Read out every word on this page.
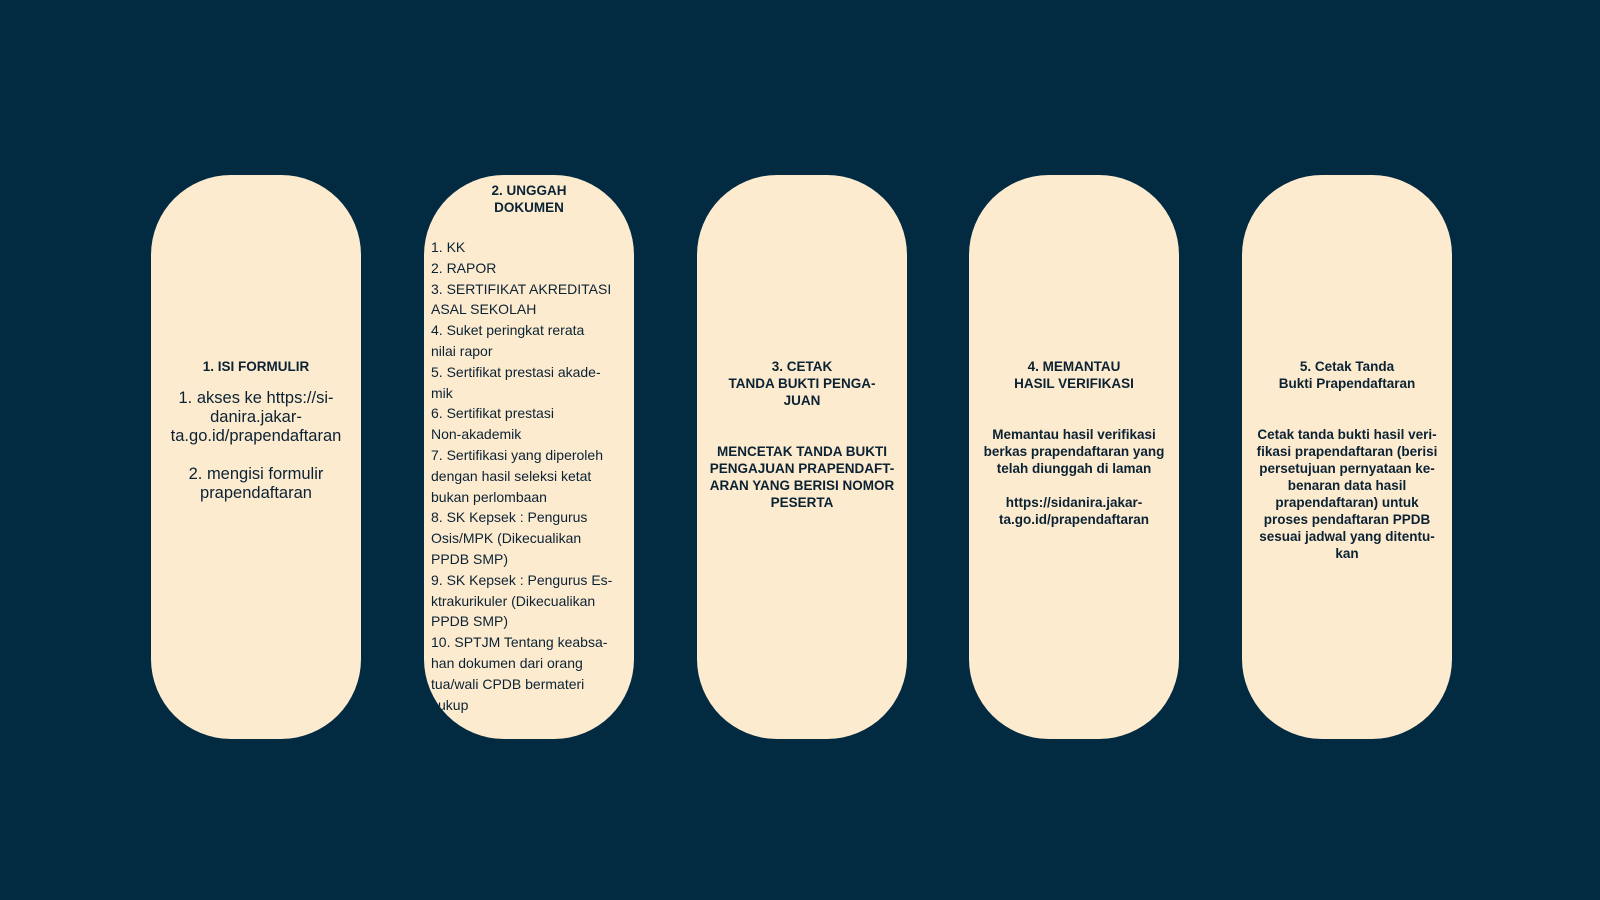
1. ISI FORMULIR
1. akses ke https://si-
danira.jakar-
ta.go.id/prapendaftaran
2. mengisi formulir
prapendaftaran
2. UNGGAH
DOKUMEN
1. KK
2. RAPOR
3. SERTIFIKAT AKREDITASI
ASAL SEKOLAH
4. Suket peringkat rerata
nilai rapor
5. Sertifikat prestasi akade-
mik
6. Sertifikat prestasi
Non-akademik
7. Sertifikasi yang diperoleh
dengan hasil seleksi ketat
bukan perlombaan
8. SK Kepsek : Pengurus
Osis/MPK (Dikecualikan
PPDB SMP)
9. SK Kepsek : Pengurus Es-
ktrakurikuler (Dikecualikan
PPDB SMP)
10. SPTJM Tentang keabsa-
han dokumen dari orang
tua/wali CPDB bermateri
cukup
3. CETAK
TANDA BUKTI PENGA-
JUAN
MENCETAK TANDA BUKTI
PENGAJUAN PRAPENDAFT-
ARAN YANG BERISI NOMOR
PESERTA
4. MEMANTAU
HASIL VERIFIKASI
Memantau hasil verifikasi
berkas prapendaftaran yang
telah diunggah di laman
https://sidanira.jakar-
ta.go.id/prapendaftaran
5. Cetak Tanda
Bukti Prapendaftaran
Cetak tanda bukti hasil veri-
fikasi prapendaftaran (berisi
persetujuan pernyataan ke-
benaran data hasil
prapendaftaran) untuk
proses pendaftaran PPDB
sesuai jadwal yang ditentu-
kan
